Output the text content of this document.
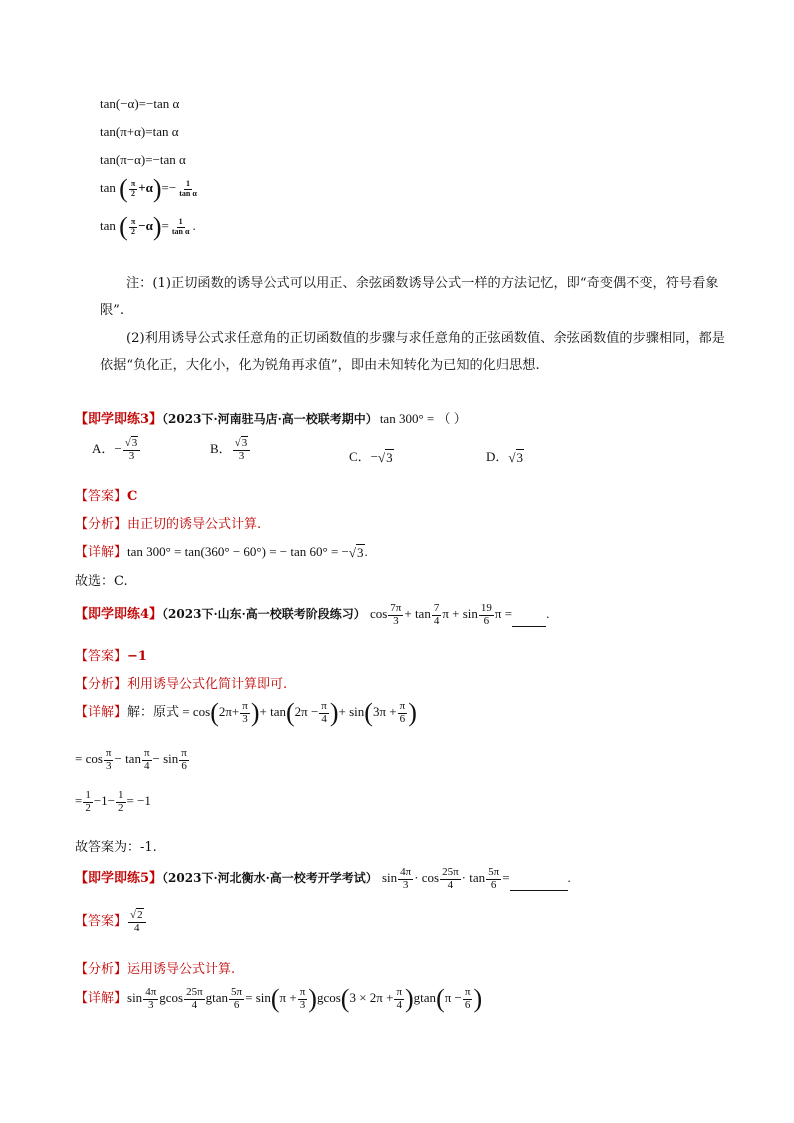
tan(−α)=−tan α
tan(π+α)=tan α
tan(π−α)=−tan α
tan ( $\frac{\pi}{2} +\alpha)=- \frac{1}{\text{tan α}}$
tan ( $\frac{\pi}{2} -\alpha)= \frac{1}{\text{tan α}}$ .
注：(1)正切函数的诱导公式可以用正、余弦函数诱导公式一样的方法记忆，即“奇变偶不变，符号看象限”.
(2)利用诱导公式求任意角的正切函数值的步骤与求任意角的正弦函数值、余弦函数值的步骤相同，都是依据“负化正，大化小，化为锐角再求值”，即由未知转化为已知的化归思想.
【即学即练3】（2023下·河南驻马店·高一校联考期中） tan 300° = （ ）
A．− $\frac{√3}{3}$	B． $\frac{√3}{3}$	C．−√3	D．√3
【答案】C
【分析】由正切的诱导公式计算.
【详解】tan 300° = tan(360° − 60°) = − tan 60° = −√3.
故选：C.
【即学即练4】（2023下·山东·高一校联考阶段练习） $\cos \frac{7\pi}{3} + \tan \frac{7}{4}$ $\pi + \sin \frac{19}{6}$ π =	.
【答案】−1
【分析】利用诱导公式化简计算即可.
【详解】解：原式 = $\cos(2\pi+ \frac{\pi}{3}$ )+ $\tan(2\pi - \frac{\pi}{4}$ )+ $\sin(3\pi + \frac{\pi}{6}$ )
= $\cos \frac{\pi}{3} - \tan \frac{\pi}{4} - \sin \frac{\pi}{6}$
= $\frac{1}{2} -1- \frac{1}{2} = -1$
故答案为：-1.
【即学即练5】（2023下·河北衡水·高一校考开学考试） $\sin \frac{4\pi}{3} \cdot \cos \frac{25\pi}{4} \cdot \tan \frac{5\pi}{6}$ =	.
【答案】 $\frac{√2}{4}$
【分析】运用诱导公式计算.
【详解】$\sin \frac{4\pi}{3}$ gcos $\frac{25\pi}{4}$ gtan $\frac{5\pi}{6} = \sin(\pi + \frac{\pi}{3} )gcos(3 \times 2\pi + \frac{\pi}{4} )gtan(\pi - \frac{\pi}{6}$ )
